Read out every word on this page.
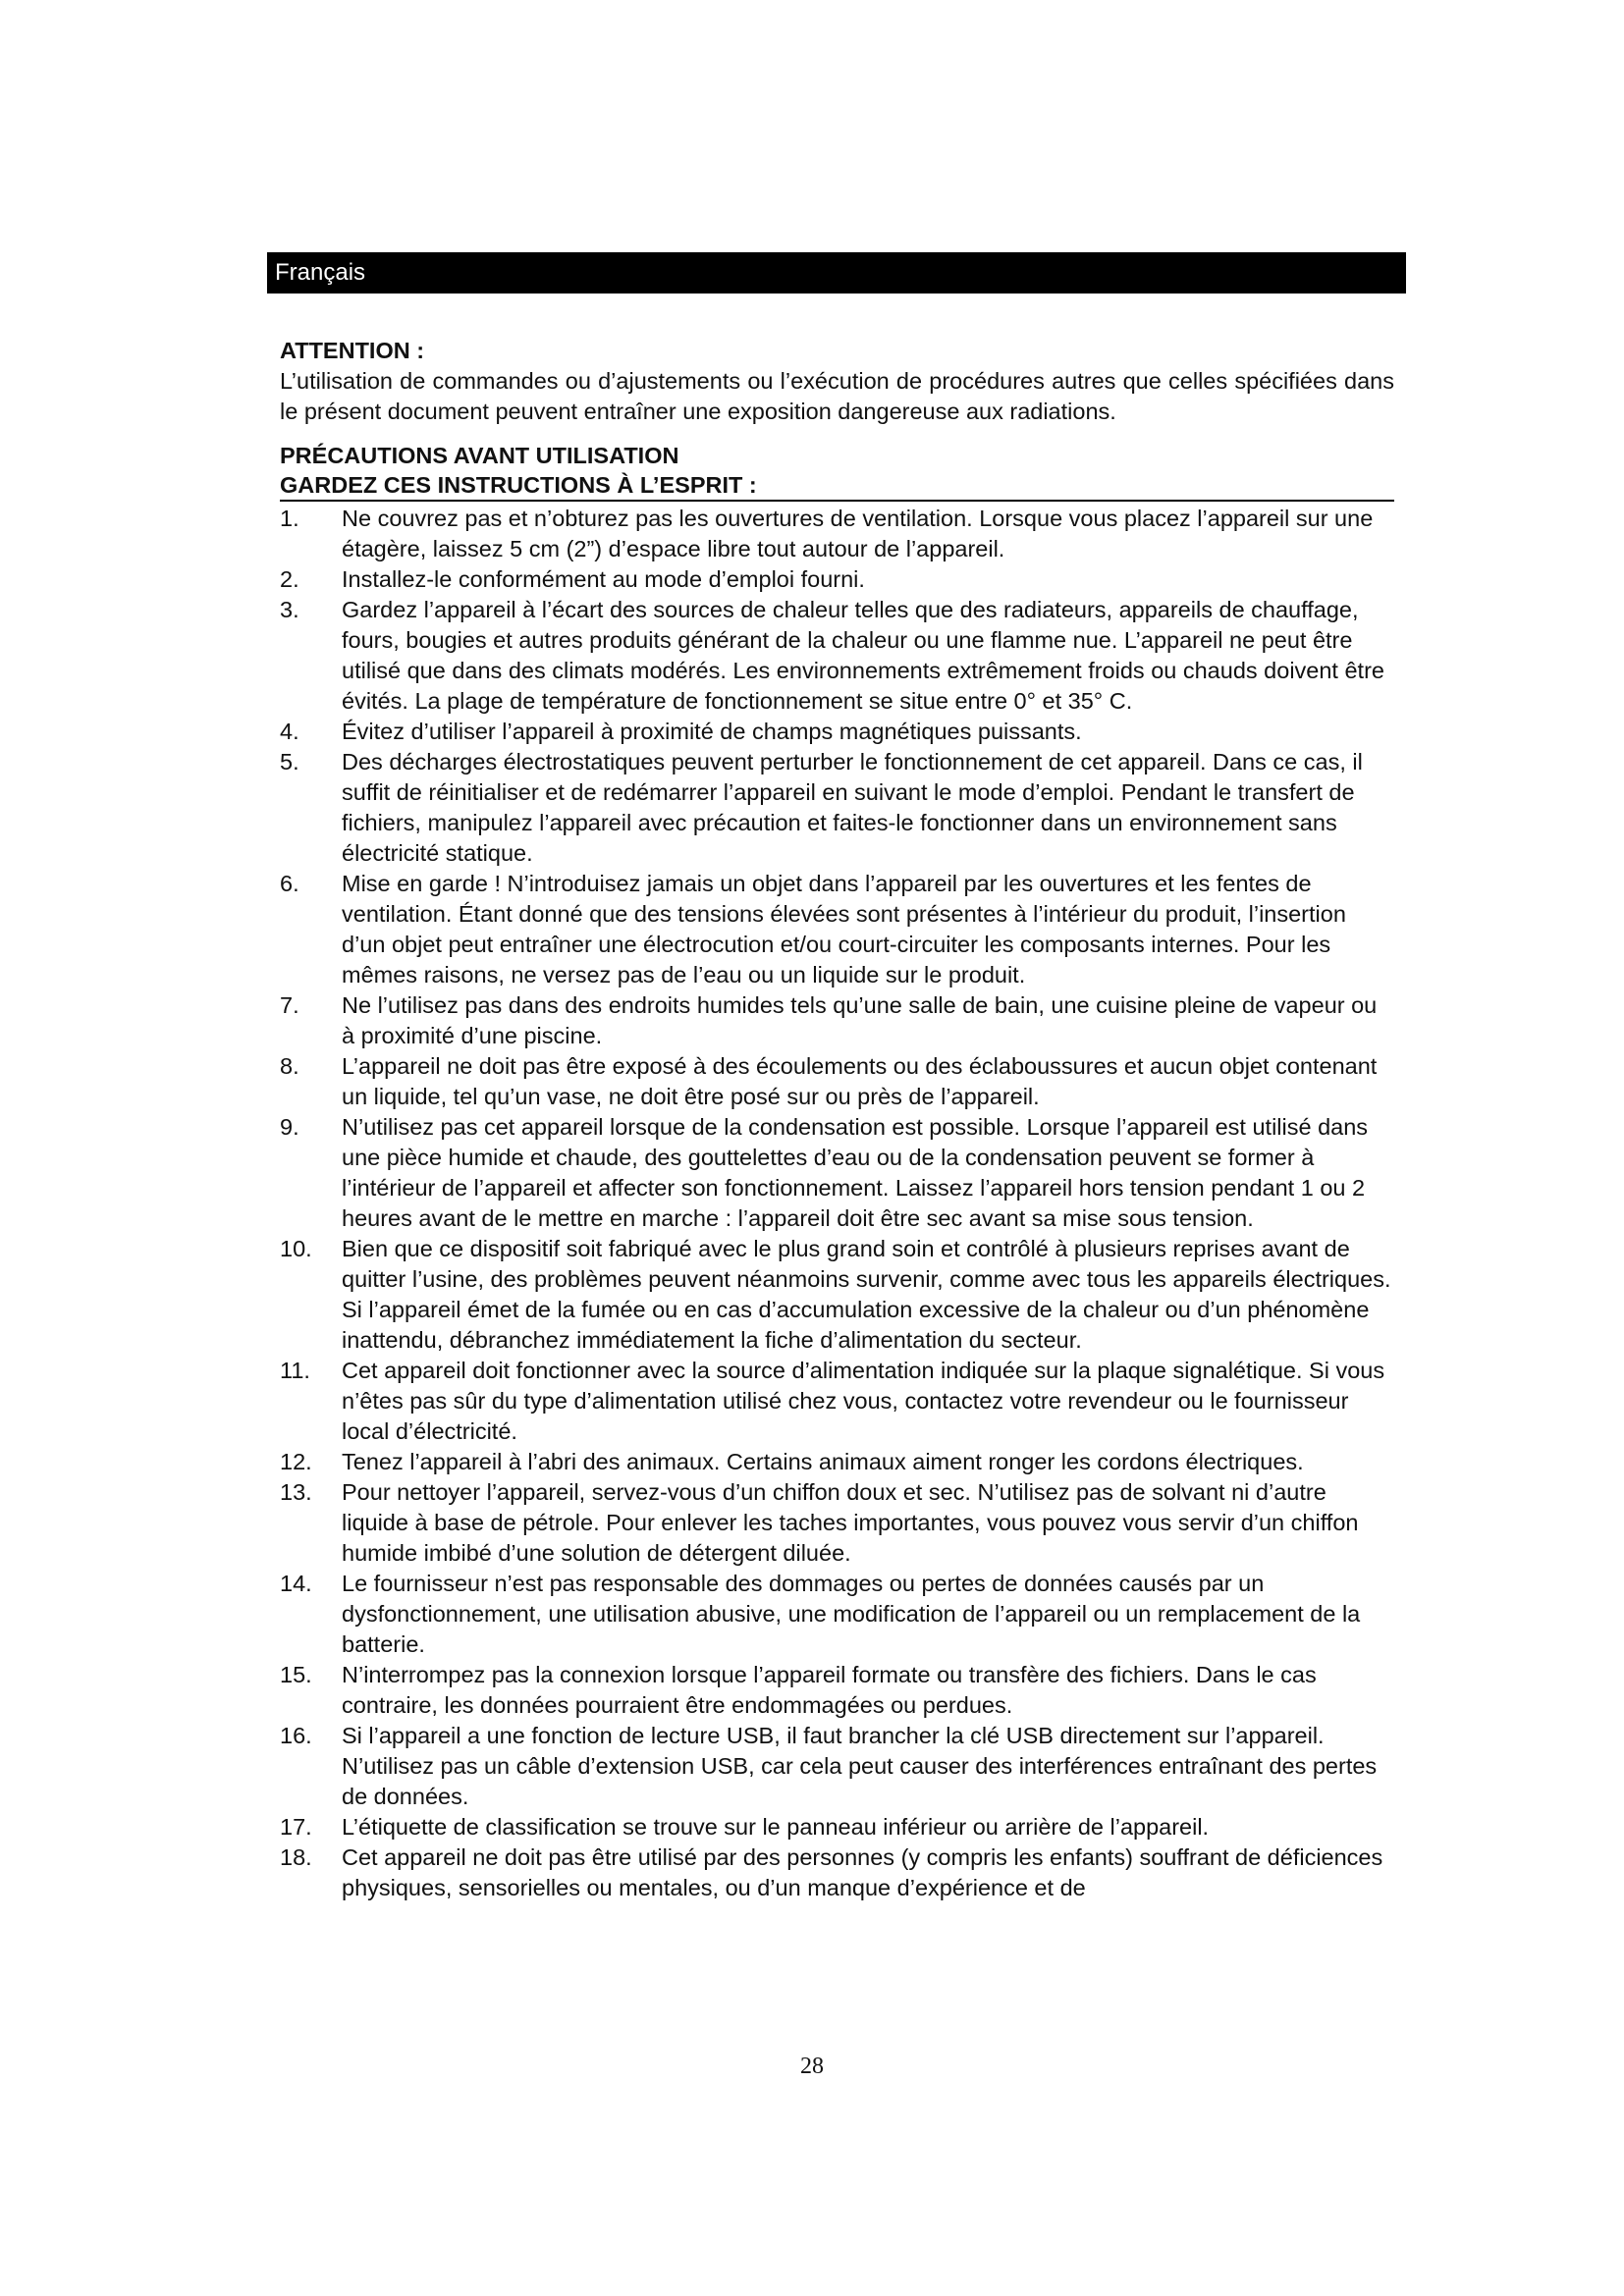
Français

ATTENTION :

L’utilisation de commandes ou d’ajustements ou l’exécution de procédures autres que celles spécifiées dans le présent document peuvent entraîner une exposition dangereuse aux radiations.

PRÉCAUTIONS AVANT UTILISATION

GARDEZ CES INSTRUCTIONS À L’ESPRIT :

1. Ne couvrez pas et n’obturez pas les ouvertures de ventilation. Lorsque vous placez l’appareil sur une étagère, laissez 5 cm (2”) d’espace libre tout autour de l’appareil.
2. Installez-le conformément au mode d’emploi fourni.
3. Gardez l’appareil à l’écart des sources de chaleur telles que des radiateurs, appareils de chauffage, fours, bougies et autres produits générant de la chaleur ou une flamme nue. L’appareil ne peut être utilisé que dans des climats modérés. Les environnements extrêmement froids ou chauds doivent être évités. La plage de température de fonctionnement se situe entre 0° et 35° C.
4. Évitez d’utiliser l’appareil à proximité de champs magnétiques puissants.
5. Des décharges électrostatiques peuvent perturber le fonctionnement de cet appareil. Dans ce cas, il suffit de réinitialiser et de redémarrer l’appareil en suivant le mode d’emploi. Pendant le transfert de fichiers, manipulez l’appareil avec précaution et faites-le fonctionner dans un environnement sans électricité statique.
6. Mise en garde ! N’introduisez jamais un objet dans l’appareil par les ouvertures et les fentes de ventilation. Étant donné que des tensions élevées sont présentes à l’intérieur du produit, l’insertion d’un objet peut entraîner une électrocution et/ou court-circuiter les composants internes. Pour les mêmes raisons, ne versez pas de l’eau ou un liquide sur le produit.
7. Ne l’utilisez pas dans des endroits humides tels qu’une salle de bain, une cuisine pleine de vapeur ou à proximité d’une piscine.
8. L’appareil ne doit pas être exposé à des écoulements ou des éclaboussures et aucun objet contenant un liquide, tel qu’un vase, ne doit être posé sur ou près de l’appareil.
9. N’utilisez pas cet appareil lorsque de la condensation est possible. Lorsque l’appareil est utilisé dans une pièce humide et chaude, des gouttelettes d’eau ou de la condensation peuvent se former à l’intérieur de l’appareil et affecter son fonctionnement. Laissez l’appareil hors tension pendant 1 ou 2 heures avant de le mettre en marche : l’appareil doit être sec avant sa mise sous tension.
10. Bien que ce dispositif soit fabriqué avec le plus grand soin et contrôlé à plusieurs reprises avant de quitter l’usine, des problèmes peuvent néanmoins survenir, comme avec tous les appareils électriques. Si l’appareil émet de la fumée ou en cas d’accumulation excessive de la chaleur ou d’un phénomène inattendu, débranchez immédiatement la fiche d’alimentation du secteur.
11. Cet appareil doit fonctionner avec la source d’alimentation indiquée sur la plaque signalétique. Si vous n’êtes pas sûr du type d’alimentation utilisé chez vous, contactez votre revendeur ou le fournisseur local d’électricité.
12. Tenez l’appareil à l’abri des animaux. Certains animaux aiment ronger les cordons électriques.
13. Pour nettoyer l’appareil, servez-vous d’un chiffon doux et sec. N’utilisez pas de solvant ni d’autre liquide à base de pétrole. Pour enlever les taches importantes, vous pouvez vous servir d’un chiffon humide imbibé d’une solution de détergent diluée.
14. Le fournisseur n’est pas responsable des dommages ou pertes de données causés par un dysfonctionnement, une utilisation abusive, une modification de l’appareil ou un remplacement de la batterie.
15. N’interrompez pas la connexion lorsque l’appareil formate ou transfère des fichiers. Dans le cas contraire, les données pourraient être endommagées ou perdues.
16. Si l’appareil a une fonction de lecture USB, il faut brancher la clé USB directement sur l’appareil. N’utilisez pas un câble d’extension USB, car cela peut causer des interférences entraînant des pertes de données.
17. L’étiquette de classification se trouve sur le panneau inférieur ou arrière de l’appareil.
18. Cet appareil ne doit pas être utilisé par des personnes (y compris les enfants) souffrant de déficiences physiques, sensorielles ou mentales, ou d’un manque d’expérience et de
28
